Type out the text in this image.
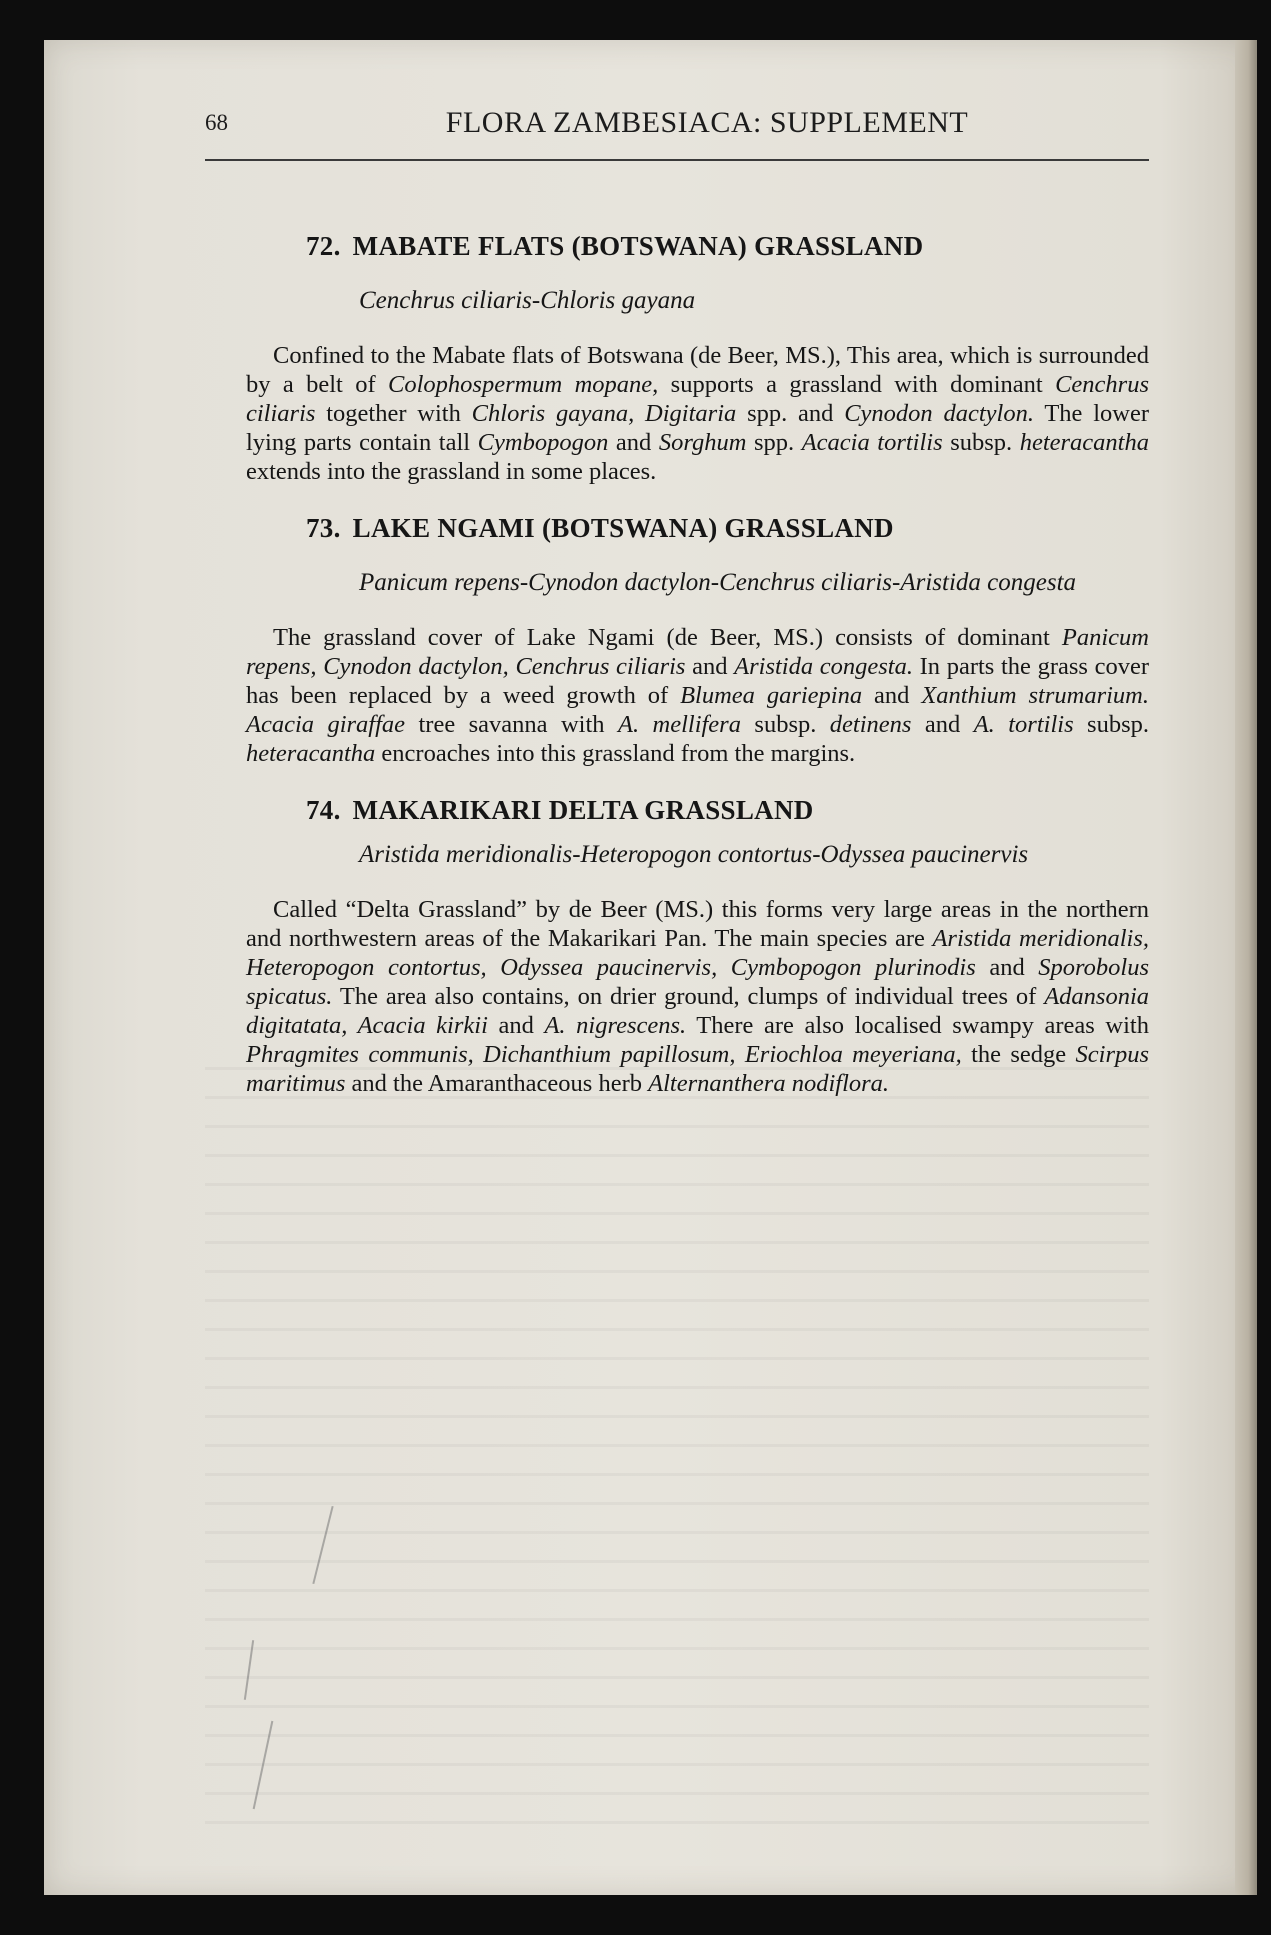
68	FLORA ZAMBESIACA: SUPPLEMENT
72. MABATE FLATS (BOTSWANA) GRASSLAND
Cenchrus ciliaris-Chloris gayana

Confined to the Mabate flats of Botswana (de Beer, MS.), This area, which is surrounded by a belt of Colophospermum mopane, supports a grassland with dominant Cenchrus ciliaris together with Chloris gayana, Digitaria spp. and Cynodon dactylon. The lower lying parts contain tall Cymbopogon and Sorghum spp. Acacia tortilis subsp. heteracantha extends into the grassland in some places.

73. LAKE NGAMI (BOTSWANA) GRASSLAND
Panicum repens-Cynodon dactylon-Cenchrus ciliaris-Aristida congesta

The grassland cover of Lake Ngami (de Beer, MS.) consists of dominant Panicum repens, Cynodon dactylon, Cenchrus ciliaris and Aristida congesta. In parts the grass cover has been replaced by a weed growth of Blumea gariepina and Xanthium strumarium. Acacia giraffae tree savanna with A. mellifera subsp. detinens and A. tortilis subsp. heteracantha encroaches into this grassland from the margins.

74. MAKARIKARI DELTA GRASSLAND
Aristida meridionalis-Heteropogon contortus-Odyssea paucinervis

Called “Delta Grassland” by de Beer (MS.) this forms very large areas in the northern and northwestern areas of the Makarikari Pan. The main species are Aristida meridionalis, Heteropogon contortus, Odyssea paucinervis, Cymbopogon plurinodis and Sporobolus spicatus. The area also contains, on drier ground, clumps of individual trees of Adansonia digitatata, Acacia kirkii and A. nigrescens. There are also localised swampy areas with Phragmites communis, Dichanthium papillosum, Eriochloa meyeriana, the sedge Scirpus maritimus and the Amaranthaceous herb Alternanthera nodiflora.
